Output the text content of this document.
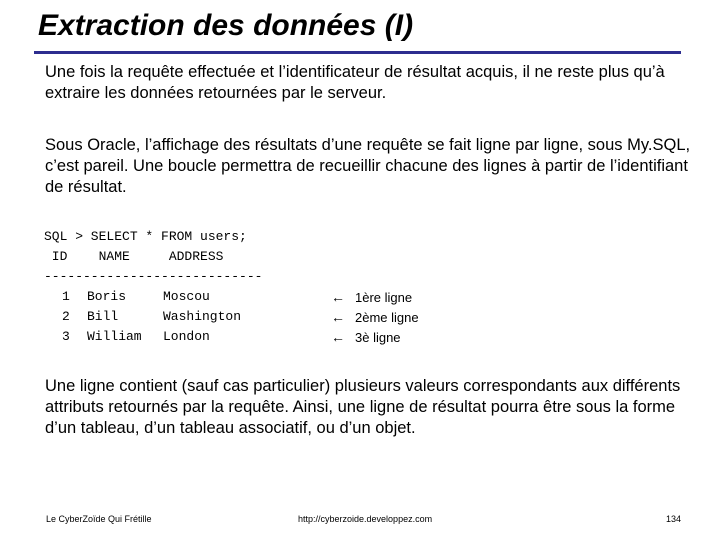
Extraction des données (I)

Une fois la requête effectuée et l’identificateur de résultat acquis, il ne reste plus qu’à extraire les données retournées par le serveur.

Sous Oracle, l’affichage des résultats d’une requête se fait ligne par ligne, sous My.SQL, c’est pareil. Une boucle permettra de recueillir chacune des lignes à partir de l’identifiant de résultat.

SQL > SELECT * FROM users;
ID    NAME     ADDRESS
----------------------------
1 Boris	Moscou
2 Bill	Washington
3 William London
← 1ère ligne
← 2ème ligne
← 3è ligne

Une ligne contient (sauf cas particulier) plusieurs valeurs correspondants aux différents attributs retournés par la requête. Ainsi, une ligne de résultat pourra être sous la forme d’un tableau, d’un tableau associatif, ou d’un objet.

Le CyberZoïde Qui Frétille	http://cyberzoide.developpez.com	134
